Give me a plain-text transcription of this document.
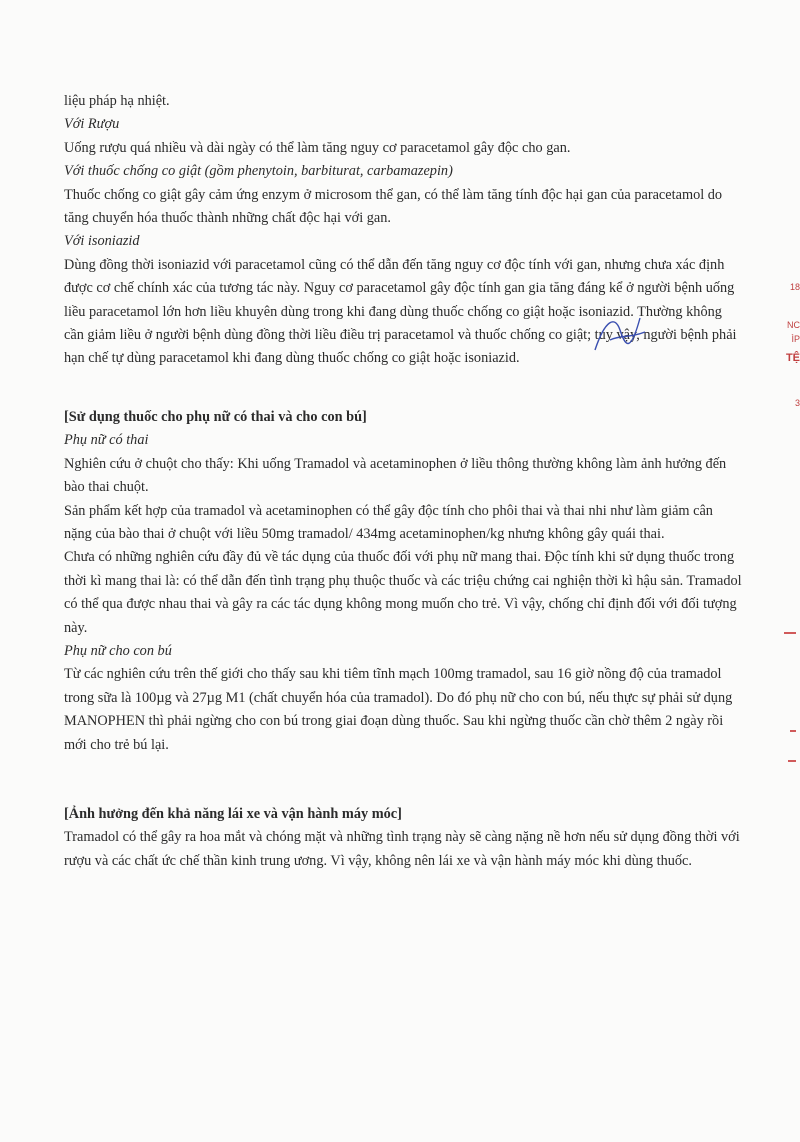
liệu pháp hạ nhiệt.

Với Rượu

Uống rượu quá nhiều và dài ngày có thể làm tăng nguy cơ paracetamol gây độc cho gan.

Với thuốc chống co giật (gồm phenytoin, barbiturat, carbamazepin)

Thuốc chống co giật gây cảm ứng enzym ở microsom thể gan, có thể làm tăng tính độc hại gan của paracetamol do tăng chuyển hóa thuốc thành những chất độc hại với gan.

Với isoniazid

Dùng đồng thời isoniazid với paracetamol cũng có thể dẫn đến tăng nguy cơ độc tính với gan, nhưng chưa xác định được cơ chế chính xác của tương tác này. Nguy cơ paracetamol gây độc tính gan gia tăng đáng kể ở người bệnh uống liều paracetamol lớn hơn liều khuyên dùng trong khi đang dùng thuốc chống co giật hoặc isoniazid. Thường không cần giảm liều ở người bệnh dùng đồng thời liều điều trị paracetamol và thuốc chống co giật; tuy vậy, người bệnh phải hạn chế tự dùng paracetamol khi đang dùng thuốc chống co giật hoặc isoniazid.

[Sử dụng thuốc cho phụ nữ có thai và cho con bú]

Phụ nữ có thai

Nghiên cứu ở chuột cho thấy: Khi uống Tramadol và acetaminophen ở liều thông thường không làm ảnh hưởng đến bào thai chuột.

Sản phẩm kết hợp của tramadol và acetaminophen có thể gây độc tính cho phôi thai và thai nhi như làm giảm cân nặng của bào thai ở chuột với liều 50mg tramadol/ 434mg acetaminophen/kg nhưng không gây quái thai.

Chưa có những nghiên cứu đầy đủ về tác dụng của thuốc đối với phụ nữ mang thai. Độc tính khi sử dụng thuốc trong thời kì mang thai là: có thể dẫn đến tình trạng phụ thuộc thuốc và các triệu chứng cai nghiện thời kì hậu sản. Tramadol có thể qua được nhau thai và gây ra các tác dụng không mong muốn cho trẻ. Vì vậy, chống chỉ định đối với đối tượng này.

Phụ nữ cho con bú

Từ các nghiên cứu trên thế giới cho thấy sau khi tiêm tĩnh mạch 100mg tramadol, sau 16 giờ nồng độ của tramadol trong sữa là 100µg và 27µg M1 (chất chuyển hóa của tramadol). Do đó phụ nữ cho con bú, nếu thực sự phải sử dụng MANOPHEN thì phải ngừng cho con bú trong giai đoạn dùng thuốc. Sau khi ngừng thuốc cần chờ thêm 2 ngày rồi mới cho trẻ bú lại.

[Ảnh hưởng đến khả năng lái xe và vận hành máy móc]

Tramadol có thể gây ra hoa mắt và chóng mặt và những tình trạng này sẽ càng nặng nề hơn nếu sử dụng đồng thời với rượu và các chất ức chế thần kinh trung ương. Vì vậy, không nên lái xe và vận hành máy móc khi dùng thuốc.

18
NC
ÌP
TỆ
3
